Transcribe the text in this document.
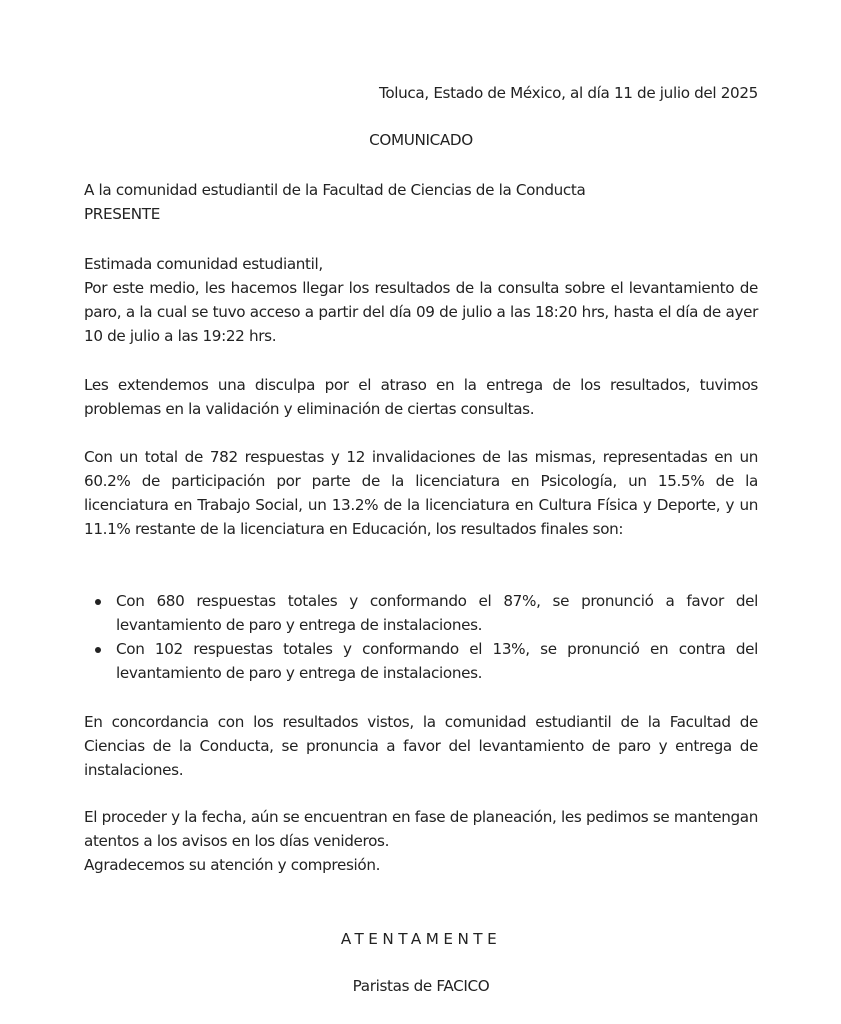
Toluca, Estado de México, al día 11 de julio del 2025
COMUNICADO
A la comunidad estudiantil de la Facultad de Ciencias de la Conducta
PRESENTE
Estimada comunidad estudiantil,

Por este medio, les hacemos llegar los resultados de la consulta sobre el levantamiento de paro, a la cual se tuvo acceso a partir del día 09 de julio a las 18:20 hrs, hasta el día de ayer 10 de julio a las 19:22 hrs.

Les extendemos una disculpa por el atraso en la entrega de los resultados, tuvimos problemas en la validación y eliminación de ciertas consultas.

Con un total de 782 respuestas y 12 invalidaciones de las mismas, representadas en un 60.2% de participación por parte de la licenciatura en Psicología, un 15.5% de la licenciatura en Trabajo Social, un 13.2% de la licenciatura en Cultura Física y Deporte, y un 11.1% restante de la licenciatura en Educación, los resultados finales son:

Con 680 respuestas totales y conformando el 87%, se pronunció a favor del levantamiento de paro y entrega de instalaciones.
Con 102 respuestas totales y conformando el 13%, se pronunció en contra del levantamiento de paro y entrega de instalaciones.

En concordancia con los resultados vistos, la comunidad estudiantil de la Facultad de Ciencias de la Conducta, se pronuncia a favor del levantamiento de paro y entrega de instalaciones.

El proceder y la fecha, aún se encuentran en fase de planeación, les pedimos se mantengan atentos a los avisos en los días venideros.

Agradecemos su atención y compresión.

ATENTAMENTE
Paristas de FACICO
